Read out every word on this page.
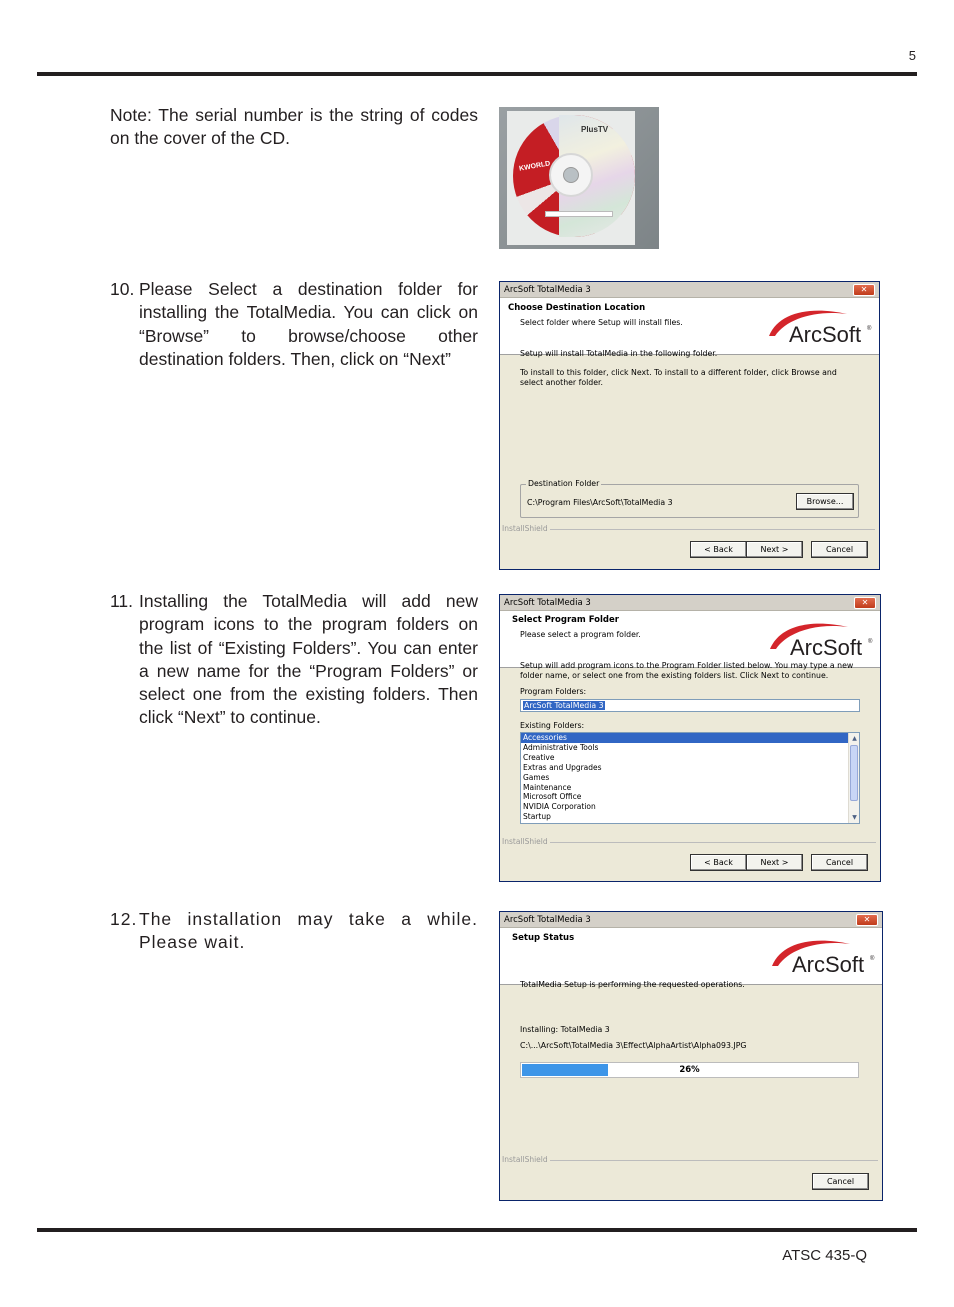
5
ATSC 435-Q
Note: The serial number is the string of codes on the cover of the CD.
KWORLD
PlusTV
10. Please Select a destination folder for installing the TotalMedia. You can click on “Browse” to browse/choose other destination folders. Then, click on “Next”
11. Installing the TotalMedia will add new program icons to the program folders on the list of “Existing Folders”. You can enter a new name for the “Program Folders” or select one from the existing folders. Then click “Next” to continue.
12. The installation may take a while. Please wait.
ArcSoft TotalMedia 3	✕
Choose Destination Location
Select folder where Setup will install files.	ArcSoft ®
Setup will install TotalMedia in the following folder.
To install to this folder, click Next. To install to a different folder, click Browse and select another folder.
Destination Folder
C:\Program Files\ArcSoft\TotalMedia 3	Browse...
InstallShield
< Back	Next >	Cancel
ArcSoft TotalMedia 3	✕
Select Program Folder
Please select a program folder.
ArcSoft ®
Setup will add program icons to the Program Folder listed below. You may type a new folder name, or select one from the existing folders list. Click Next to continue.
Program Folders:
ArcSoft TotalMedia 3
Existing Folders:
Accessories
Administrative Tools
Creative
Extras and Upgrades
Games
Maintenance
Microsoft Office
NVIDIA Corporation
Startup
▲
▼
InstallShield
< Back	Next >	Cancel
ArcSoft TotalMedia 3	✕
Setup Status
ArcSoft ®
TotalMedia Setup is performing the requested operations.
Installing: TotalMedia 3
C:\...\ArcSoft\TotalMedia 3\Effect\AlphaArtist\Alpha093.JPG
26%
InstallShield
Cancel
